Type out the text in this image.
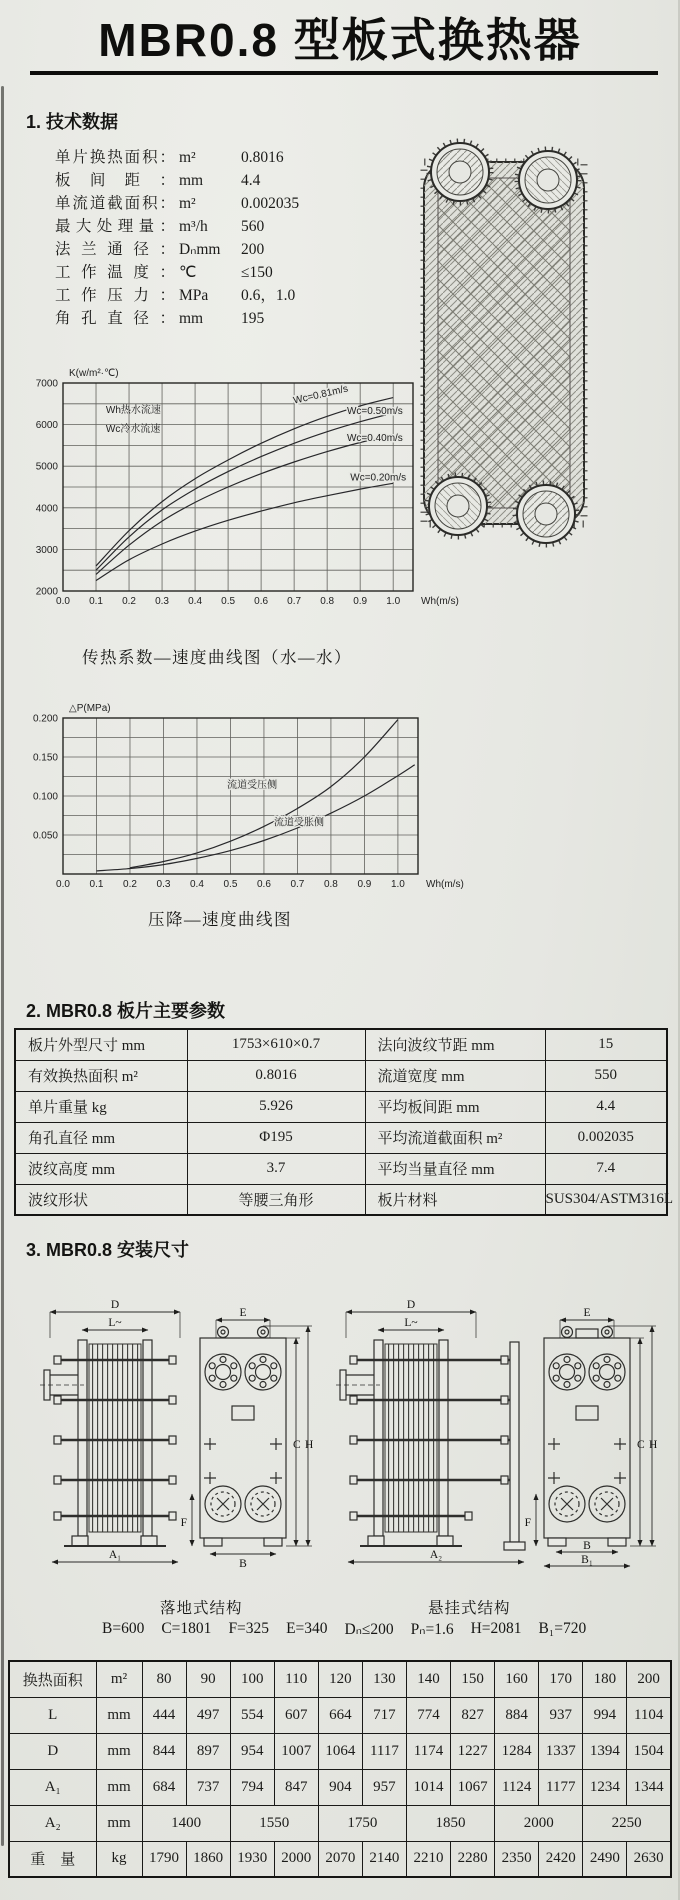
MBR0.8 型板式换热器
1. 技术数据
单片换热面积： m²	0.8016
板间距： mm	4.4
单流道截面积： m²	0.002035
最大处理量： m³/h	560
法兰通径： Dₙmm	200
工作温度： ℃	≤150
工作压力： MPa	0.6，1.0
角孔直径： mm	195
2000
3000
4000
5000
6000
7000
0.0 0.1 0.2 0.3 0.4 0.5 0.6 0.7 0.8 0.9 1.0 Wh(m/s)
K(w/m²·℃)
Wh热水流速
Wc冷水流速
Wc=0.81m/s
Wc=0.50m/s
Wc=0.40m/s
Wc=0.20m/s
传热系数—速度曲线图（水—水）
0.050
0.100
0.150
0.200
0.0 0.1 0.2 0.3 0.4 0.5 0.6 0.7 0.8 0.9 1.0 Wh(m/s)
△P(MPa)
流道受压侧
流道受胀侧
压降—速度曲线图
2. MBR0.8 板片主要参数
板片外型尺寸 mm	1753×610×0.7	法向波纹节距 mm	15
有效换热面积 m²	0.8016	流道宽度 mm	550
单片重量 kg	5.926	平均板间距 mm	4.4
角孔直径 mm	Φ195	平均流道截面积 m²	0.002035
波纹高度 mm	3.7	平均当量直径 mm	7.4
波纹形状	等腰三角形	板片材料	SUS304/ASTM316L
3. MBR0.8 安装尺寸
D
L~
A₁
E
F
C H
B
D
L~
A₂
E
F
C H
B
B₁
落地式结构	悬挂式结构
B=600 C=1801 F=325 E=340 Dₙ≤200 Pₙ=1.6 H=2081 B₁=720
换热面积	m²	80	90	100	110	120	130	140	150	160	170	180	200
L	mm	444	497	554	607	664	717	774	827	884	937	994	1104
D	mm	844	897	954	1007	1064	1117	1174	1227	1284	1337	1394	1504
A₁	mm	684	737	794	847	904	957	1014	1067	1124	1177	1234	1344
A₂	mm	1400		1550		1750		1850		2000		2250	
重　量	kg	1790	1860	1930	2000	2070	2140	2210	2280	2350	2420	2490	2630
